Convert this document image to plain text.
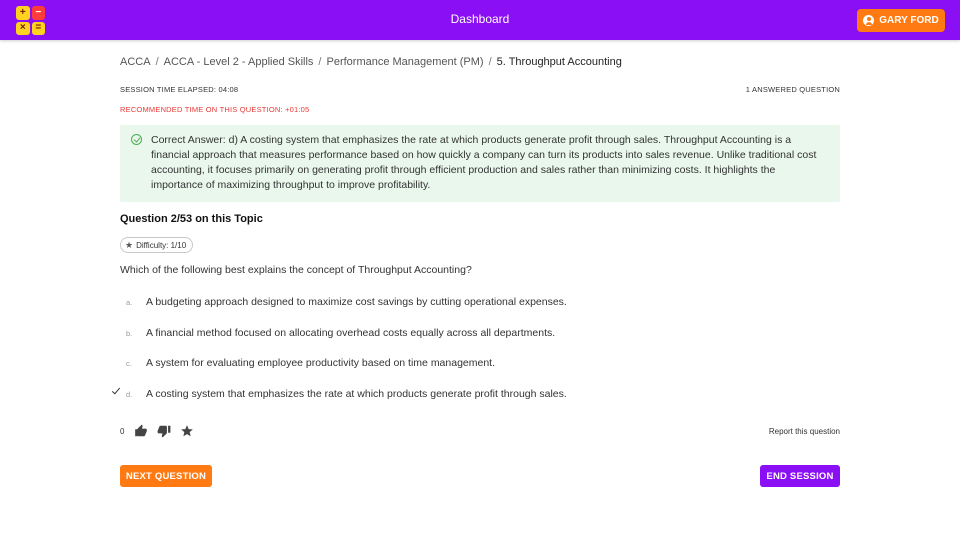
+ −
× =
Dashboard	GARY FORD
ACCA / ACCA - Level 2 - Applied Skills / Performance Management (PM) / 5. Throughput Accounting
SESSION TIME ELAPSED: 04:08	1 ANSWERED QUESTION
RECOMMENDED TIME ON THIS QUESTION: +01:05

Correct Answer: d) A costing system that emphasizes the rate at which products generate profit through sales. Throughput Accounting is a financial approach that measures performance based on how quickly a company can turn its products into sales revenue. Unlike traditional cost accounting, it focuses primarily on generating profit through efficient production and sales rather than minimizing costs. It highlights the importance of maximizing throughput to improve profitability.

Question 2/53 on this Topic
★ Difficulty: 1/10
Which of the following best explains the concept of Throughput Accounting?
a.	A budgeting approach designed to maximize cost savings by cutting operational expenses.
b.	A financial method focused on allocating overhead costs equally across all departments.
c.	A system for evaluating employee productivity based on time management.
d.	A costing system that emphasizes the rate at which products generate profit through sales.
0	Report this question
NEXT QUESTION	END SESSION
